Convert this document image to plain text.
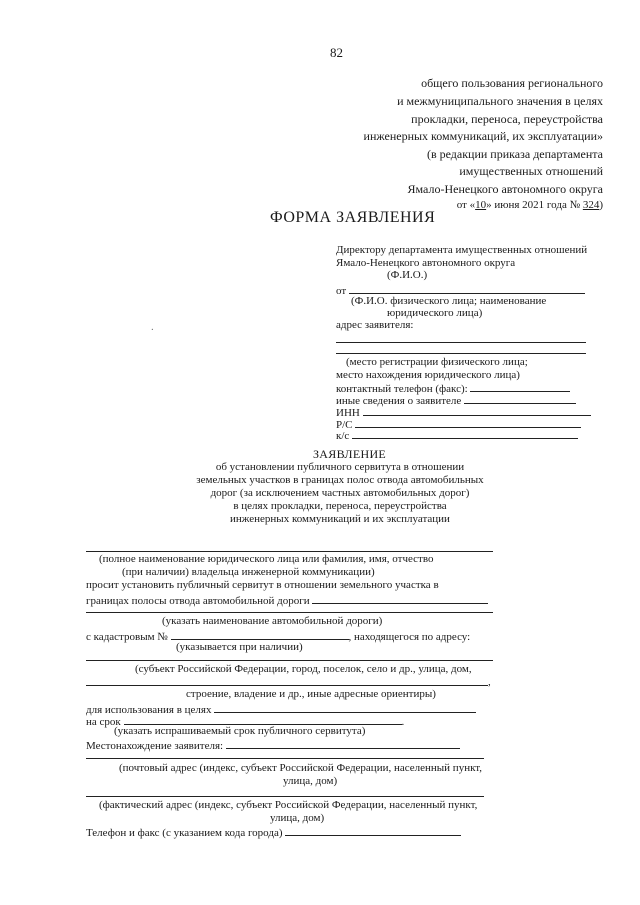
82
общего пользования регионального
и межмуниципального значения в целях
прокладки, переноса, переустройства
инженерных коммуникаций, их эксплуатации»
(в редакции приказа департамента
имущественных отношений
Ямало-Ненецкого автономного округа
от «10» июня 2021 года № 324)
ФОРМА ЗАЯВЛЕНИЯ
Директору департамента имущественных отношений
Ямало-Ненецкого автономного округа
(Ф.И.О.)
от
(Ф.И.О. физического лица; наименование
юридического лица)
адрес заявителя:
(место регистрации физического лица;
место нахождения юридического лица)
контактный телефон (факс):
иные сведения о заявителе
ИНН
Р/С
к/с
ЗАЯВЛЕНИЕ
об установлении публичного сервитута в отношении
земельных участков в границах полос отвода автомобильных
дорог (за исключением частных автомобильных дорог)
в целях прокладки, переноса, переустройства
инженерных коммуникаций и их эксплуатации
(полное наименование юридического лица или фамилия, имя, отчество
(при наличии) владельца инженерной коммуникации)
просит установить публичный сервитут в отношении земельного участка в
границах полосы отвода автомобильной дороги
(указать наименование автомобильной дороги)
с кадастровым №	, находящегося по адресу:
(указывается при наличии)
(субъект Российской Федерации, город, поселок, село и др., улица, дом,
,
строение, владение и др., иные адресные ориентиры)
для использования в целях
на срок	.
(указать испрашиваемый срок публичного сервитута)
Местонахождение заявителя:
(почтовый адрес (индекс, субъект Российской Федерации, населенный пункт,
улица, дом)
(фактический адрес (индекс, субъект Российской Федерации, населенный пункт,
улица, дом)
Телефон и факс (с указанием кода города)
.
